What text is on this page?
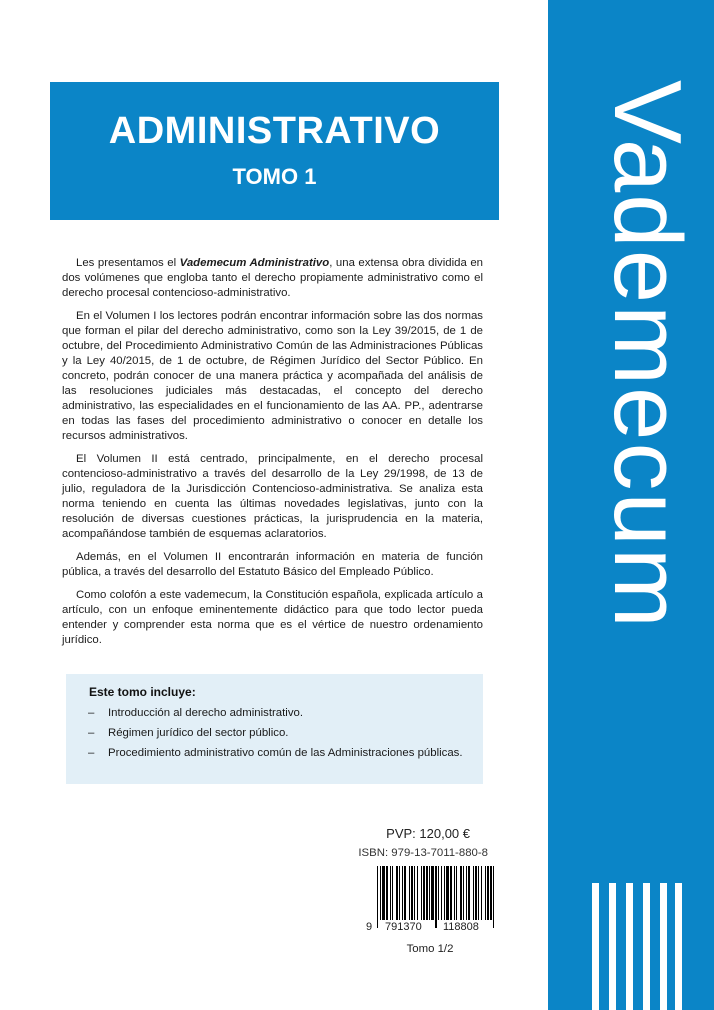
Vademecum
ADMINISTRATIVO
TOMO 1

Les presentamos el Vademecum Administrativo, una extensa obra dividida en dos volúmenes que engloba tanto el derecho propiamente administrativo como el derecho procesal contencioso-administrativo.

En el Volumen I los lectores podrán encontrar información sobre las dos normas que forman el pilar del derecho administrativo, como son la Ley 39/2015, de 1 de octubre, del Procedimiento Administrativo Común de las Administraciones Públicas y la Ley 40/2015, de 1 de octubre, de Régimen Jurídico del Sector Público. En concreto, podrán conocer de una manera práctica y acompañada del análisis de las resoluciones judiciales más destacadas, el concepto del derecho administrativo, las especialidades en el funcionamiento de las AA. PP., adentrarse en todas las fases del procedimiento administrativo o conocer en detalle los recursos administrativos.

El Volumen II está centrado, principalmente, en el derecho procesal contencioso-administrativo a través del desarrollo de la Ley 29/1998, de 13 de julio, reguladora de la Jurisdicción Contencioso-administrativa. Se analiza esta norma teniendo en cuenta las últimas novedades legislativas, junto con la resolución de diversas cuestiones prácticas, la jurisprudencia en la materia, acompañándose también de esquemas aclaratorios.

Además, en el Volumen II encontrarán información en materia de función pública, a través del desarrollo del Estatuto Básico del Empleado Público.

Como colofón a este vademecum, la Constitución española, explicada artículo a artículo, con un enfoque eminentemente didáctico para que todo lector pueda entender y comprender esta norma que es el vértice de nuestro ordenamiento jurídico.

Este tomo incluye:
– Introducción al derecho administrativo.
– Régimen jurídico del sector público.
– Procedimiento administrativo común de las Administraciones públicas.
PVP: 120,00 €
ISBN: 979-13-7011-880-8
9 791370 118808
Tomo 1/2
